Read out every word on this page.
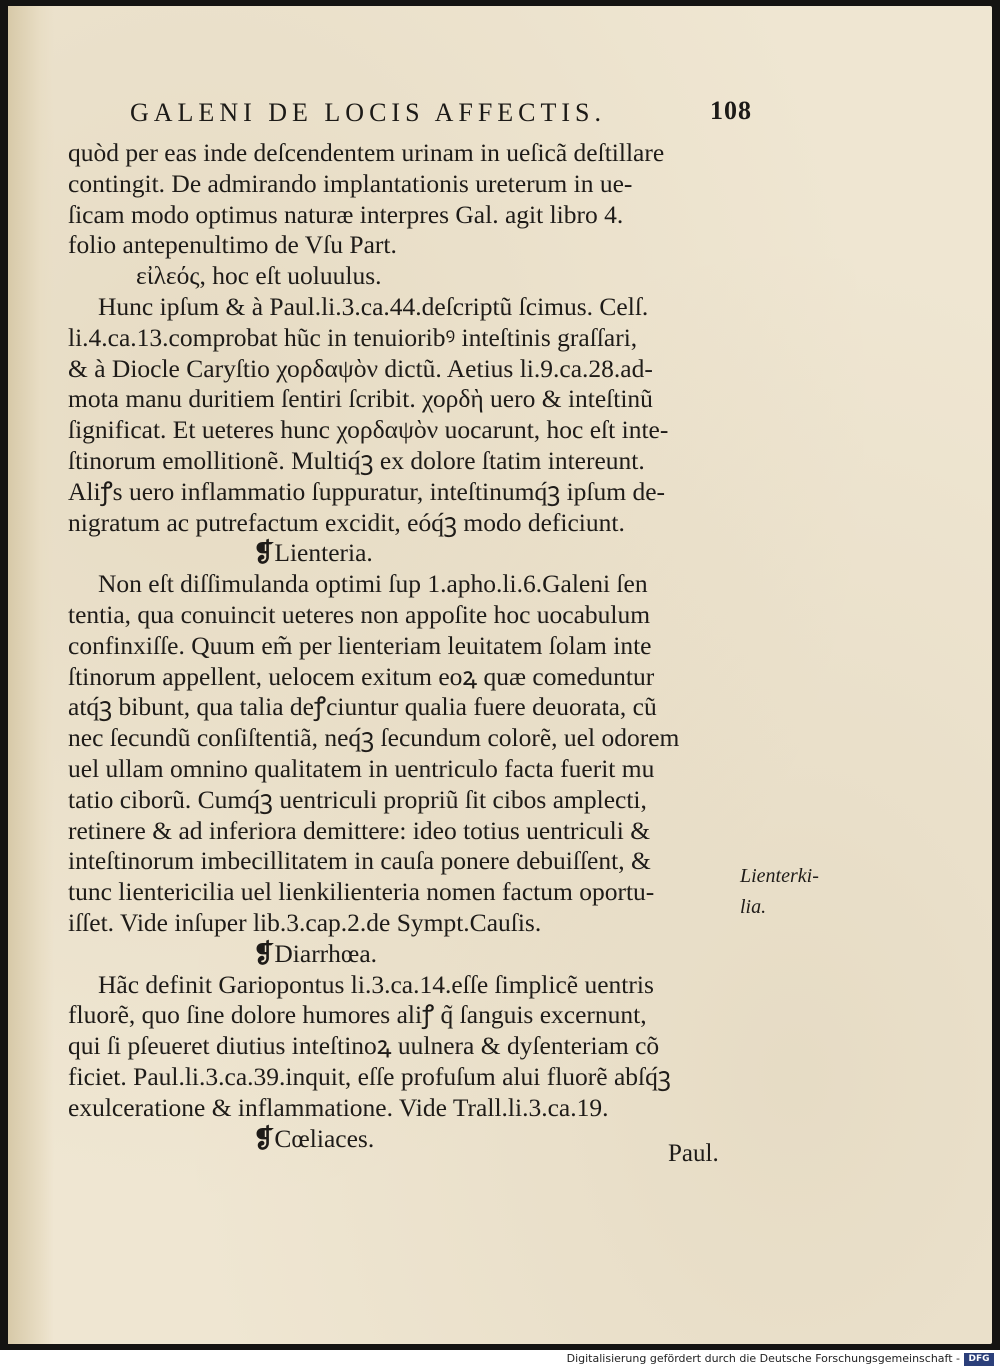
GALENI DE LOCIS AFFECTIS.	108
quòd per eas inde deſcendentem urinam in ueſicã deſtillare
contingit. De admirando implantationis ureterum in ue-
ſicam modo optimus naturæ interpres Gal. agit libro 4.
folio antepenultimo de Vſu Part.
εἰλεός, hoc eſt uoluulus.
Hunc ipſum & à Paul.li.3.ca.44.deſcriptũ ſcimus. Celſ.
li.4.ca.13.comprobat hũc in tenuioribꝰ inteſtinis graſſari,
& à Diocle Caryſtio χορδαψὸν dictũ. Aetius li.9.ca.28.ad-
mota manu duritiem ſentiri ſcribit. χορδὴ uero & inteſtinũ
ſignificat. Et ueteres hunc χορδαψὸν uocarunt, hoc eſt inte-
ſtinorum emollitionẽ. Multiq́ꝫ ex dolore ſtatim intereunt.
Aliꝭs uero inflammatio ſuppuratur, inteſtinumq́ꝫ ipſum de-
nigratum ac putrefactum excidit, eóq́ꝫ modo deficiunt.
❡Lienteria.
Non eſt diſſimulanda optimi ſup 1.apho.li.6.Galeni ſen
tentia, qua conuincit ueteres non appoſite hoc uocabulum
confinxiſſe. Quum em̃ per lienteriam leuitatem ſolam inte
ſtinorum appellent, uelocem exitum eoꝝ quæ comeduntur
atq́ꝫ bibunt, qua talia deꝭciuntur qualia fuere deuorata, cũ
nec ſecundũ conſiſtentiã, neq́ꝫ ſecundum colorẽ, uel odorem
uel ullam omnino qualitatem in uentriculo facta fuerit mu
tatio ciborũ. Cumq́ꝫ uentriculi propriũ ſit cibos amplecti,
retinere & ad inferiora demittere: ideo totius uentriculi &
inteſtinorum imbecillitatem in cauſa ponere debuiſſent, &
tunc lientericilia uel lienkilienteria nomen factum oportu-
iſſet. Vide inſuper lib.3.cap.2.de Sympt.Cauſis.
❡Diarrhœa.
Hãc definit Gariopontus li.3.ca.14.eſſe ſimplicẽ uentris
fluorẽ, quo ſine dolore humores aliꝭ q̃ ſanguis excernunt,
qui ſi pſeueret diutius inteſtinoꝝ uulnera & dyſenteriam cõ
ficiet. Paul.li.3.ca.39.inquit, eſſe profuſum alui fluorẽ abſq́ꝫ
exulceratione & inflammatione. Vide Trall.li.3.ca.19.
❡Cœliaces.
Lienterki-
lia.
Paul.
Digitalisierung gefördert durch die Deutsche Forschungsgemeinschaft - DFG
